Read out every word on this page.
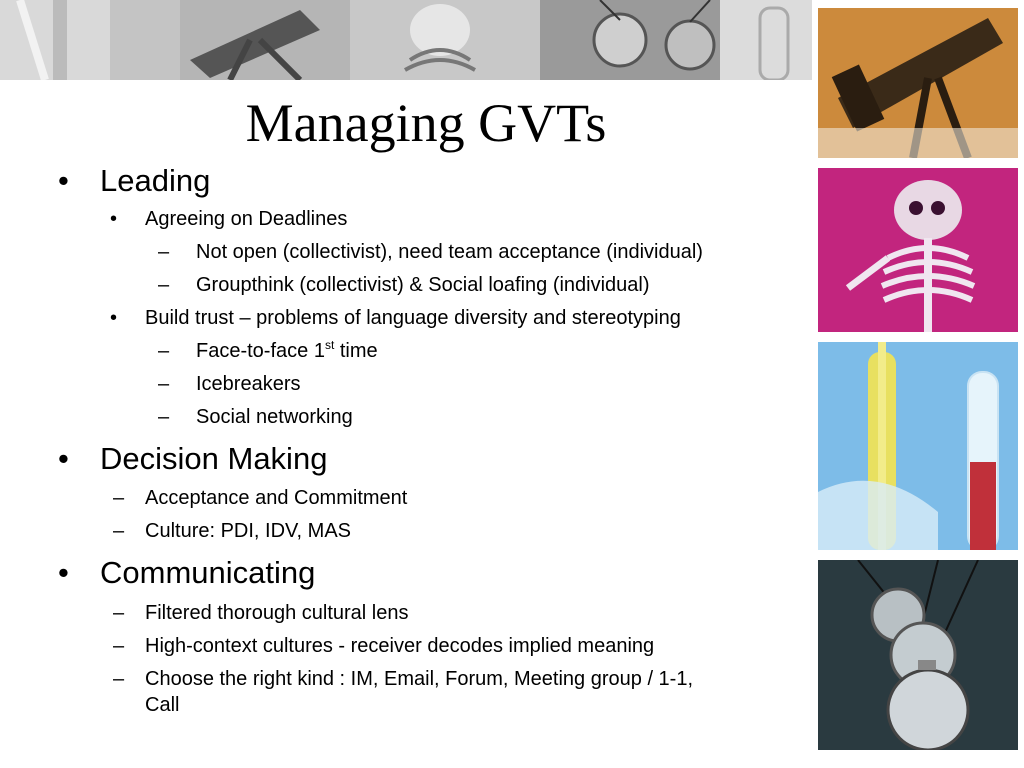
Managing GVTs
• Leading
• Agreeing on Deadlines
– Not open (collectivist), need team acceptance (individual)
– Groupthink (collectivist) & Social loafing (individual)
• Build trust – problems of language diversity and stereotyping
– Face-to-face 1st time
– Icebreakers
– Social networking
• Decision Making
– Acceptance and Commitment
– Culture: PDI, IDV, MAS
• Communicating
– Filtered thorough cultural lens
– High-context cultures - receiver decodes implied meaning
– Choose the right kind : IM, Email, Forum, Meeting group / 1-1,
Call
